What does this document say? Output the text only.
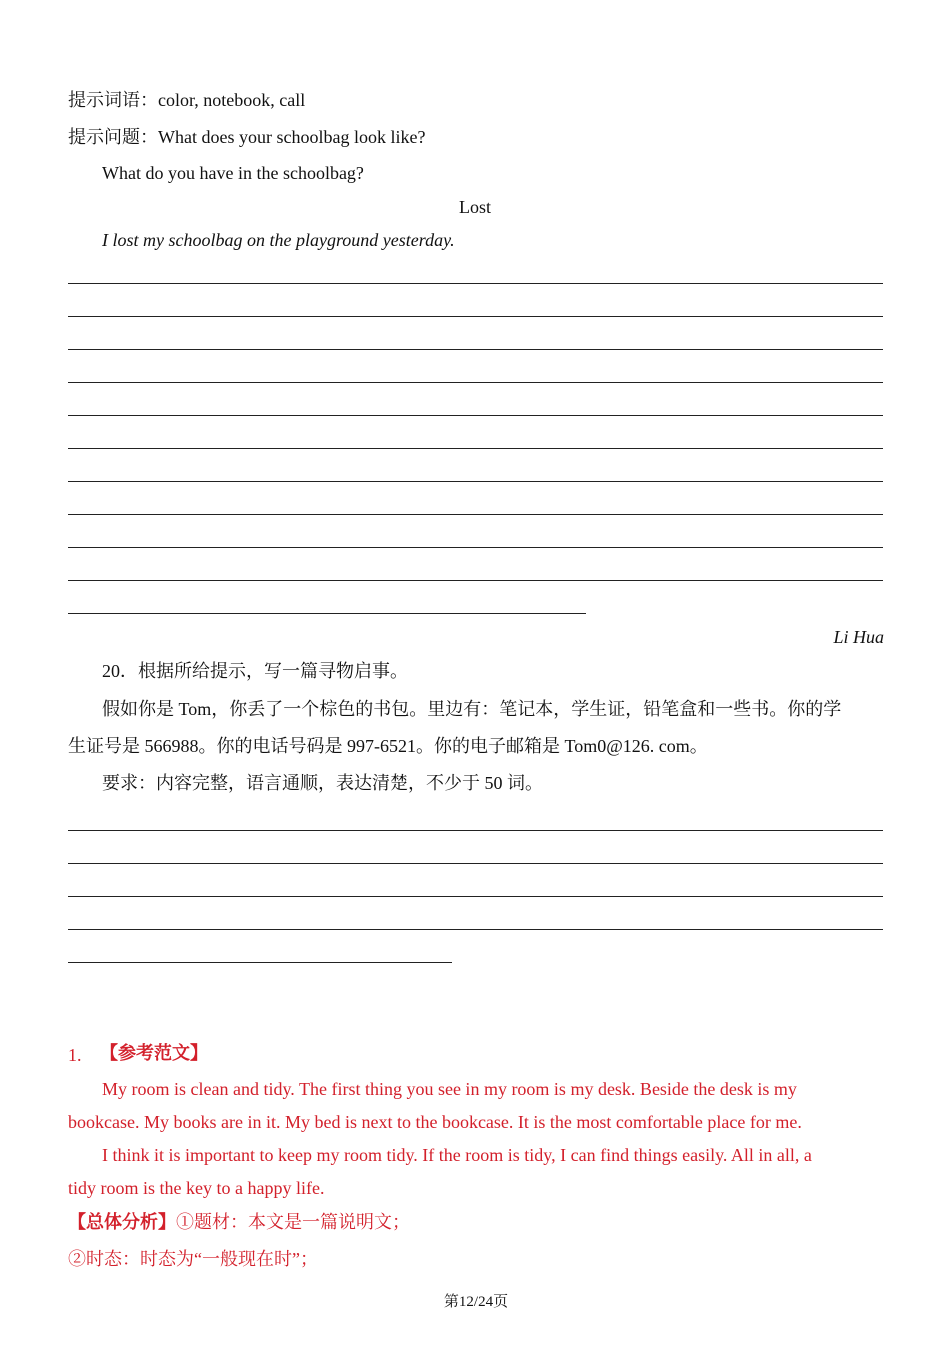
提示词语：color, notebook, call
提示问题：What does your schoolbag look like?
What do you have in the schoolbag?
Lost
I lost my schoolbag on the playground yesterday.
Li Hua
20．根据所给提示，写一篇寻物启事。
假如你是 Tom，你丢了一个棕色的书包。里边有：笔记本，学生证，铅笔盒和一些书。你的学
生证号是 566988。你的电话号码是 997-6521。你的电子邮箱是 Tom0@126. com。
要求：内容完整，语言通顺，表达清楚，不少于 50 词。
1. 【参考范文】
My room is clean and tidy. The first thing you see in my room is my desk. Beside the desk is my
bookcase. My books are in it. My bed is next to the bookcase. It is the most comfortable place for me.
I think it is important to keep my room tidy. If the room is tidy, I can find things easily. All in all, a
tidy room is the key to a happy life.
【总体分析】①题材：本文是一篇说明文；
②时态：时态为“一般现在时”；
第12/24页
